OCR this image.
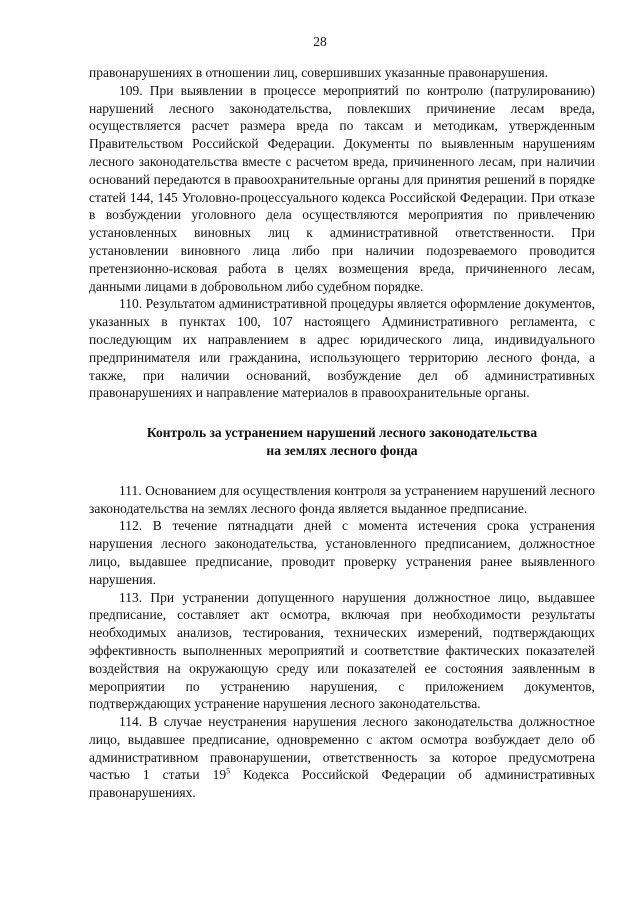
28

правонарушениях в отношении лиц, совершивших указанные правонарушения.

109. При выявлении в процессе мероприятий по контролю (патрулированию) нарушений лесного законодательства, повлекших причинение лесам вреда, осуществляется расчет размера вреда по таксам и методикам, утвержденным Правительством Российской Федерации. Документы по выявленным нарушениям лесного законодательства вместе с расчетом вреда, причиненного лесам, при наличии оснований передаются в правоохранительные органы для принятия решений в порядке статей 144, 145 Уголовно-процессуального кодекса Российской Федерации. При отказе в возбуждении уголовного дела осуществляются мероприятия по привлечению установленных виновных лиц к административной ответственности. При установлении виновного лица либо при наличии подозреваемого проводится претензионно-исковая работа в целях возмещения вреда, причиненного лесам, данными лицами в добровольном либо судебном порядке.

110. Результатом административной процедуры является оформление документов, указанных в пунктах 100, 107 настоящего Административного регламента, с последующим их направлением в адрес юридического лица, индивидуального предпринимателя или гражданина, использующего территорию лесного фонда, а также, при наличии оснований, возбуждение дел об административных правонарушениях и направление материалов в правоохранительные органы.

Контроль за устранением нарушений лесного законодательства
на землях лесного фонда

111. Основанием для осуществления контроля за устранением нарушений лесного законодательства на землях лесного фонда является выданное предписание.

112. В течение пятнадцати дней с момента истечения срока устранения нарушения лесного законодательства, установленного предписанием, должностное лицо, выдавшее предписание, проводит проверку устранения ранее выявленного нарушения.

113. При устранении допущенного нарушения должностное лицо, выдавшее предписание, составляет акт осмотра, включая при необходимости результаты необходимых анализов, тестирования, технических измерений, подтверждающих эффективность выполненных мероприятий и соответствие фактических показателей воздействия на окружающую среду или показателей ее состояния заявленным в мероприятии по устранению нарушения, с приложением документов, подтверждающих устранение нарушения лесного законодательства.

114. В случае неустранения нарушения лесного законодательства должностное лицо, выдавшее предписание, одновременно с актом осмотра возбуждает дело об административном правонарушении, ответственность за которое предусмотрена частью 1 статьи $19^5$ Кодекса Российской Федерации об административных правонарушениях.
